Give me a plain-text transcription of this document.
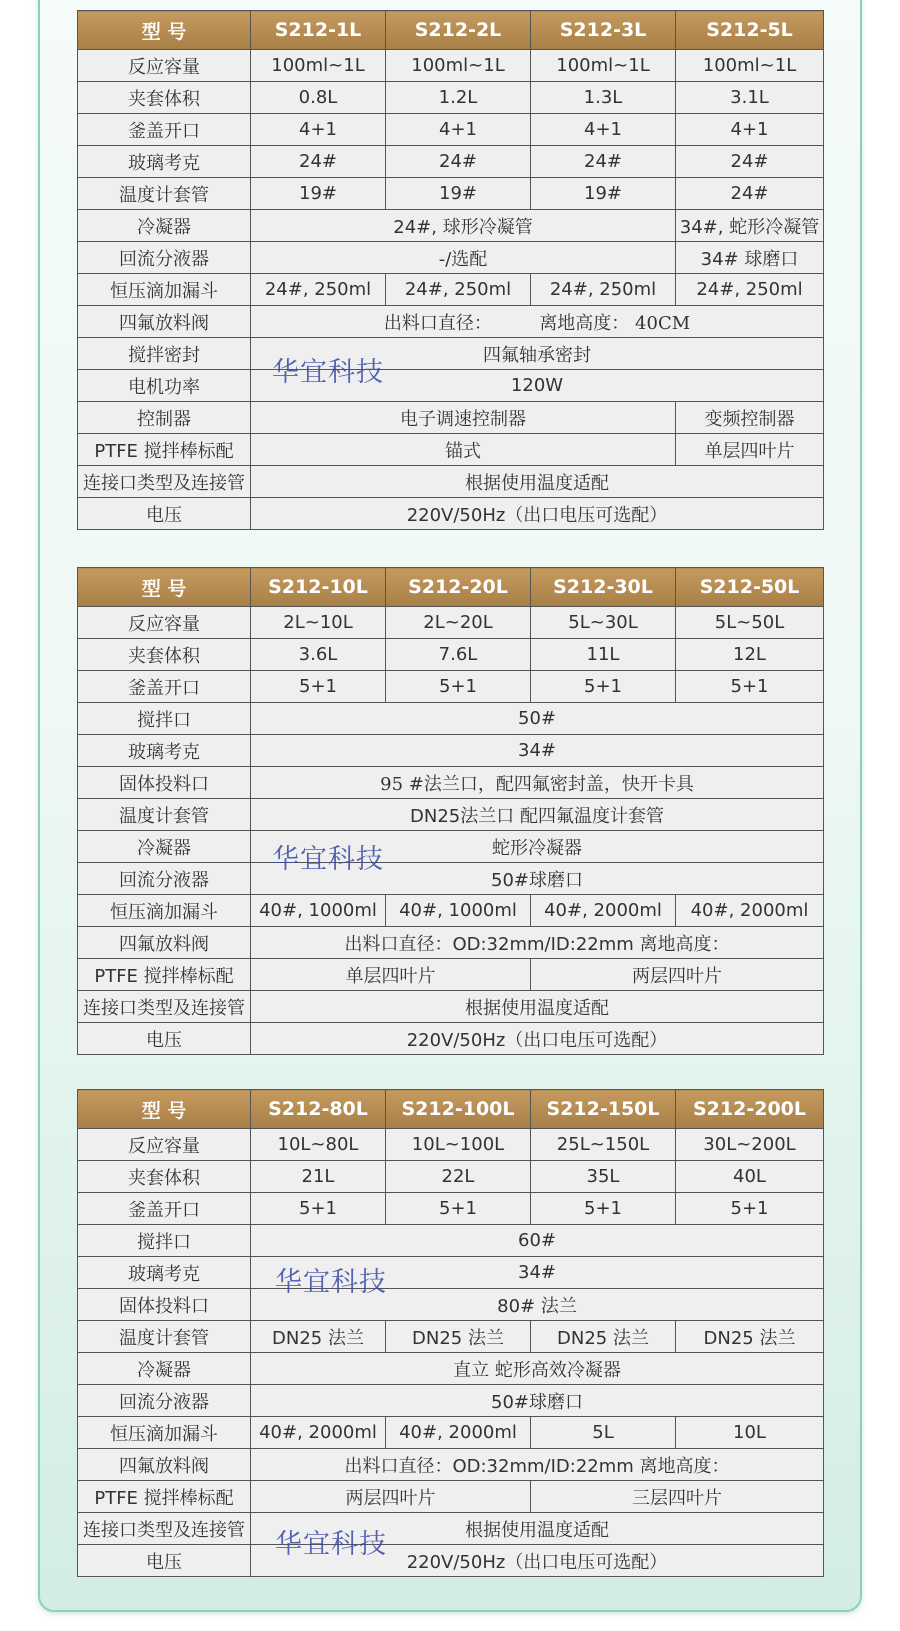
型 号	S212-1L	S212-2L	S212-3L	S212-5L
反应容量	100ml~1L	100ml~1L	100ml~1L	100ml~1L
夹套体积	0.8L	1.2L	1.3L	3.1L
釜盖开口	4+1	4+1	4+1	4+1
玻璃考克	24#	24#	24#	24#
温度计套管	19#	19#	19#	24#
冷凝器	24#, 球形冷凝管			34#, 蛇形冷凝管
回流分液器	-/选配			34# 球磨口
恒压滴加漏斗	24#, 250ml	24#, 250ml	24#, 250ml	24#, 250ml
四氟放料阀	出料口直径： 离地高度： 40CM			
搅拌密封	四氟轴承密封			
电机功率	120W			
控制器	电子调速控制器			变频控制器
PTFE 搅拌棒标配	锚式			单层四叶片
连接口类型及连接管	根据使用温度适配			
电压	220V/50Hz（出口电压可选配）			
型 号	S212-10L	S212-20L	S212-30L	S212-50L
反应容量	2L~10L	2L~20L	5L~30L	5L~50L
夹套体积	3.6L	7.6L	11L	12L
釜盖开口	5+1	5+1	5+1	5+1
搅拌口	50#			
玻璃考克	34#			
固体投料口	95 #法兰口，配四氟密封盖，快开卡具			
温度计套管	DN25法兰口 配四氟温度计套管			
冷凝器	蛇形冷凝器			
回流分液器	50#球磨口			
恒压滴加漏斗	40#, 1000ml	40#, 1000ml	40#, 2000ml	40#, 2000ml
四氟放料阀	出料口直径：OD:32mm/ID:22mm 离地高度：			
PTFE 搅拌棒标配	单层四叶片		两层四叶片	
连接口类型及连接管	根据使用温度适配			
电压	220V/50Hz（出口电压可选配）			
型 号	S212-80L	S212-100L	S212-150L	S212-200L
反应容量	10L~80L	10L~100L	25L~150L	30L~200L
夹套体积	21L	22L	35L	40L
釜盖开口	5+1	5+1	5+1	5+1
搅拌口	60#			
玻璃考克	34#			
固体投料口	80# 法兰			
温度计套管	DN25 法兰	DN25 法兰	DN25 法兰	DN25 法兰
冷凝器	直立 蛇形高效冷凝器			
回流分液器	50#球磨口			
恒压滴加漏斗	40#, 2000ml	40#, 2000ml	5L	10L
四氟放料阀	出料口直径：OD:32mm/ID:22mm 离地高度：			
PTFE 搅拌棒标配	两层四叶片		三层四叶片	
连接口类型及连接管	根据使用温度适配			
电压	220V/50Hz（出口电压可选配）			
华宜科技
华宜科技
华宜科技
华宜科技
